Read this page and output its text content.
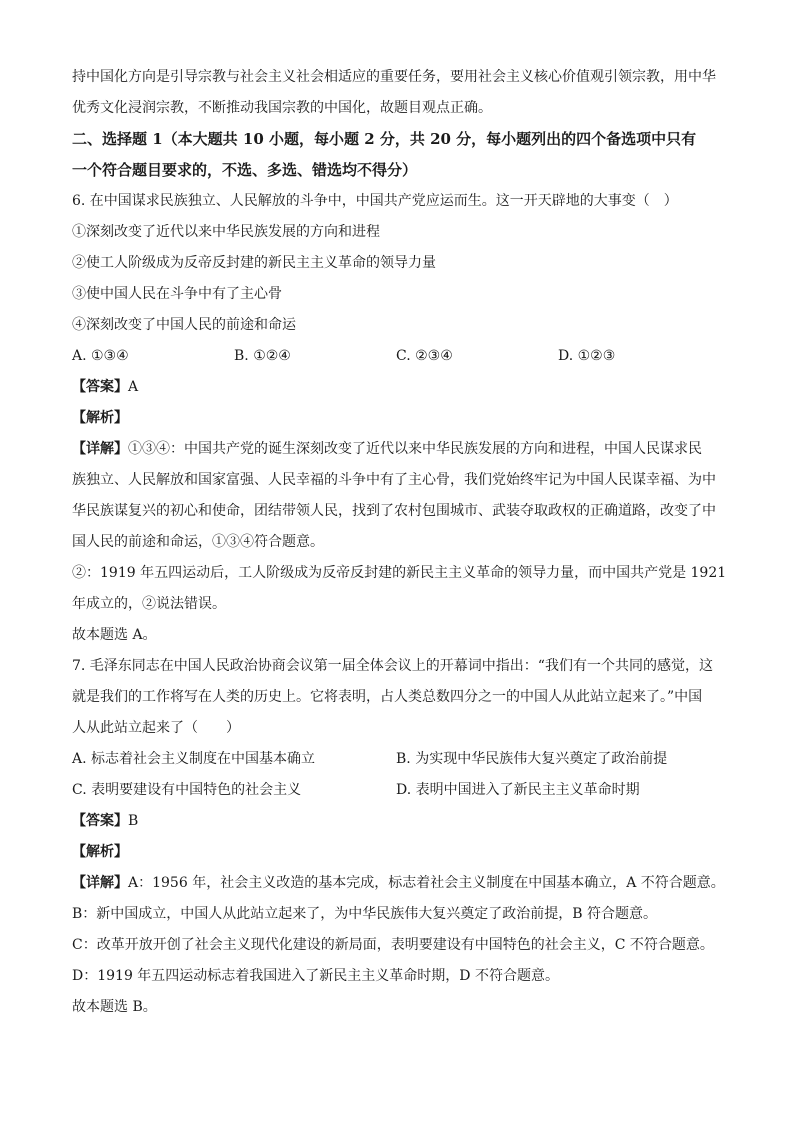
持中国化方向是引导宗教与社会主义社会相适应的重要任务，要用社会主义核心价值观引领宗教，用中华
优秀文化浸润宗教，不断推动我国宗教的中国化，故题目观点正确。
二、选择题 1（本大题共 10 小题，每小题 2 分，共 20 分，每小题列出的四个备选项中只有
一个符合题目要求的，不选、多选、错选均不得分）
6. 在中国谋求民族独立、人民解放的斗争中，中国共产党应运而生。这一开天辟地的大事变（　）
①深刻改变了近代以来中华民族发展的方向和进程
②使工人阶级成为反帝反封建的新民主主义革命的领导力量
③使中国人民在斗争中有了主心骨
④深刻改变了中国人民的前途和命运
A. ①③④	B. ①②④	C. ②③④	D. ①②③
【答案】A
【解析】
【详解】①③④：中国共产党的诞生深刻改变了近代以来中华民族发展的方向和进程，中国人民谋求民
族独立、人民解放和国家富强、人民幸福的斗争中有了主心骨，我们党始终牢记为中国人民谋幸福、为中
华民族谋复兴的初心和使命，团结带领人民，找到了农村包围城市、武装夺取政权的正确道路，改变了中
国人民的前途和命运，①③④符合题意。
②：1919 年五四运动后，工人阶级成为反帝反封建的新民主主义革命的领导力量，而中国共产党是 1921
年成立的，②说法错误。
故本题选 A。
7. 毛泽东同志在中国人民政治协商会议第一届全体会议上的开幕词中指出：“我们有一个共同的感觉，这
就是我们的工作将写在人类的历史上。它将表明，占人类总数四分之一的中国人从此站立起来了。”中国
人从此站立起来了（　　）
A. 标志着社会主义制度在中国基本确立	B. 为实现中华民族伟大复兴奠定了政治前提
C. 表明要建设有中国特色的社会主义	D. 表明中国进入了新民主主义革命时期
【答案】B
【解析】
【详解】A：1956 年，社会主义改造的基本完成，标志着社会主义制度在中国基本确立，A 不符合题意。
B：新中国成立，中国人从此站立起来了，为中华民族伟大复兴奠定了政治前提，B 符合题意。
C：改革开放开创了社会主义现代化建设的新局面，表明要建设有中国特色的社会主义，C 不符合题意。
D：1919 年五四运动标志着我国进入了新民主主义革命时期，D 不符合题意。
故本题选 B。
